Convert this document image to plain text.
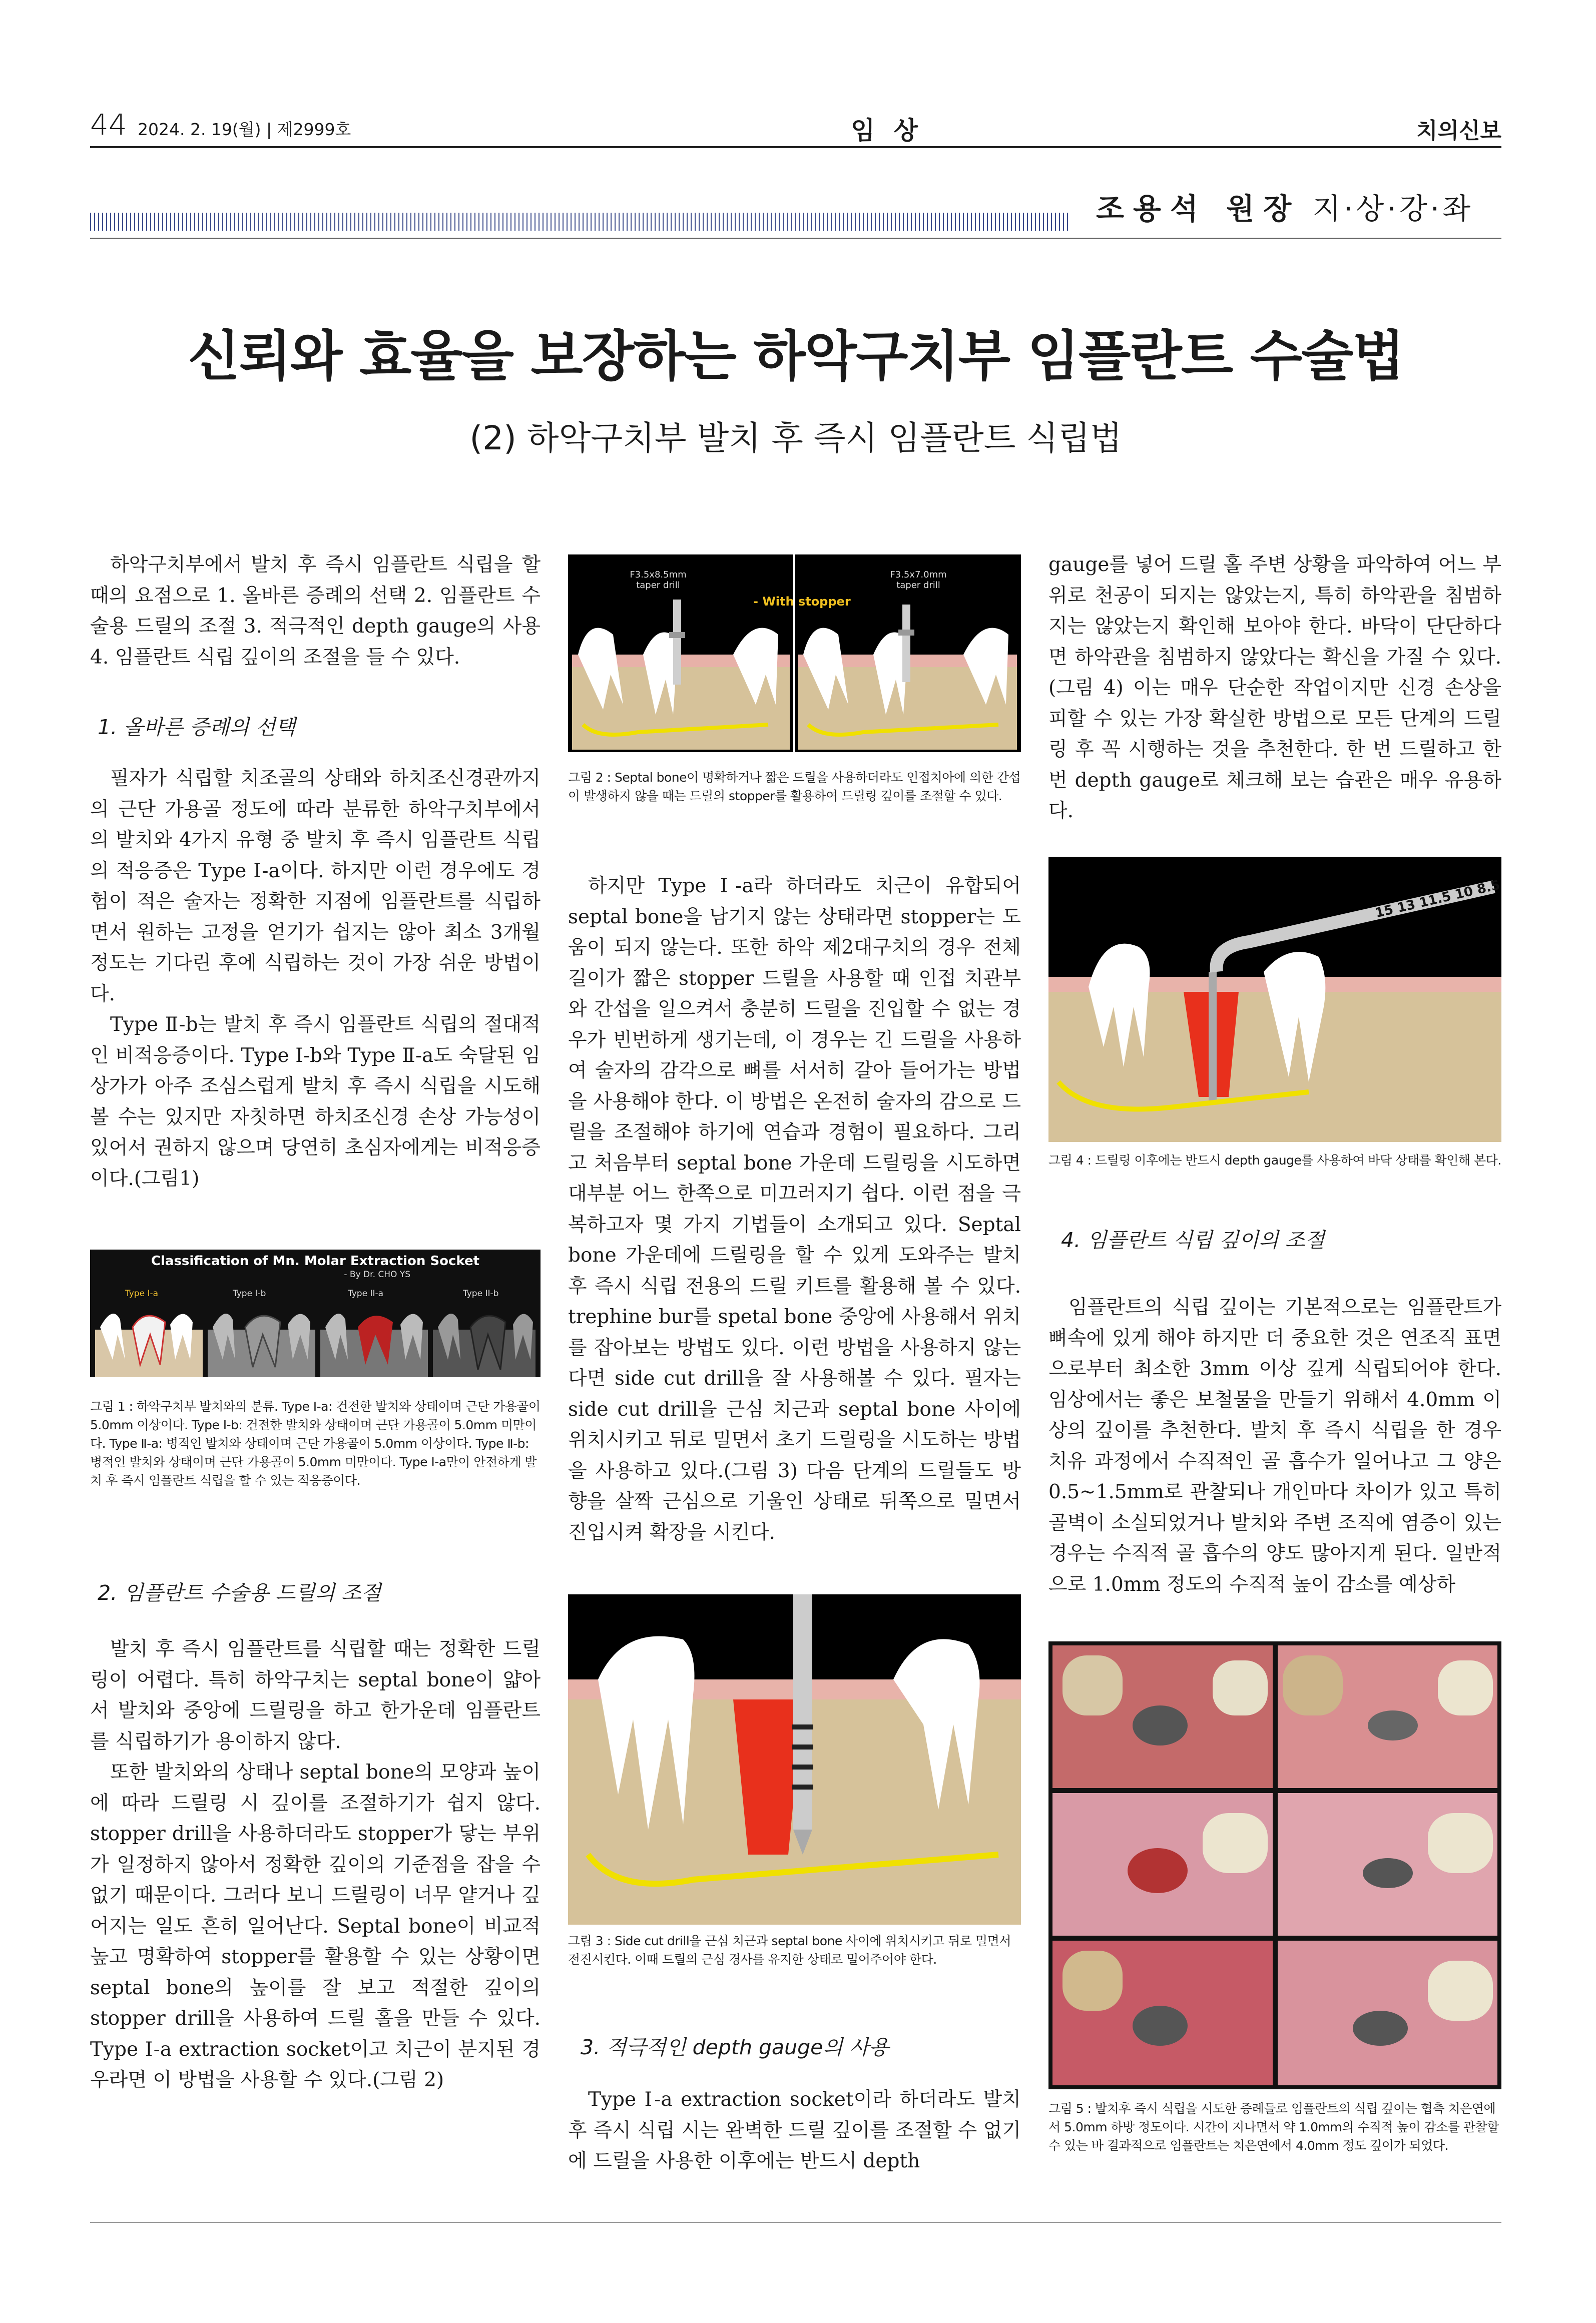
44 2024. 2. 19(월) | 제2999호	임 상	치의신보
조용석 원장 지·상·강·좌
신뢰와 효율을 보장하는 하악구치부 임플란트 수술법
(2) 하악구치부 발치 후 즉시 임플란트 식립법

하악구치부에서 발치 후 즉시 임플란트 식립을 할 때의 요점으로 1. 올바른 증례의 선택 2. 임플란트 수술용 드릴의 조절 3. 적극적인 depth gauge의 사용 4. 임플란트 식립 깊이의 조절을 들 수 있다.

1. 올바른 증례의 선택

필자가 식립할 치조골의 상태와 하치조신경관까지의 근단 가용골 정도에 따라 분류한 하악구치부에서의 발치와 4가지 유형 중 발치 후 즉시 임플란트 식립의 적응증은 Type Ⅰ-a이다. 하지만 이런 경우에도 경험이 적은 술자는 정확한 지점에 임플란트를 식립하면서 원하는 고정을 얻기가 쉽지는 않아 최소 3개월 정도는 기다린 후에 식립하는 것이 가장 쉬운 방법이다.

Type Ⅱ-b는 발치 후 즉시 임플란트 식립의 절대적인 비적응증이다. Type Ⅰ-b와 Type Ⅱ-a도 숙달된 임상가가 아주 조심스럽게 발치 후 즉시 식립을 시도해 볼 수는 있지만 자칫하면 하치조신경 손상 가능성이 있어서 권하지 않으며 당연히 초심자에게는 비적응증이다.(그림1)

Classification of Mn. Molar Extraction Socket
- By Dr. CHO YS
Type I-a	Type I-b	Type II-a	Type II-b
그림 1 : 하악구치부 발치와의 분류. Type Ⅰ-a: 건전한 발치와 상태이며 근단 가용골이 5.0mm 이상이다. Type Ⅰ-b: 건전한 발치와 상태이며 근단 가용골이 5.0mm 미만이다. Type Ⅱ-a: 병적인 발치와 상태이며 근단 가용골이 5.0mm 이상이다. Type Ⅱ-b: 병적인 발치와 상태이며 근단 가용골이 5.0mm 미만이다. Type Ⅰ-a만이 안전하게 발치 후 즉시 임플란트 식립을 할 수 있는 적응증이다.
2. 임플란트 수술용 드릴의 조절

발치 후 즉시 임플란트를 식립할 때는 정확한 드릴링이 어렵다. 특히 하악구치는 septal bone이 얇아서 발치와 중앙에 드릴링을 하고 한가운데 임플란트를 식립하기가 용이하지 않다.

또한 발치와의 상태나 septal bone의 모양과 높이에 따라 드릴링 시 깊이를 조절하기가 쉽지 않다. stopper drill을 사용하더라도 stopper가 닿는 부위가 일정하지 않아서 정확한 깊이의 기준점을 잡을 수 없기 때문이다. 그러다 보니 드릴링이 너무 얕거나 깊어지는 일도 흔히 일어난다. Septal bone이 비교적 높고 명확하여 stopper를 활용할 수 있는 상황이면 septal bone의 높이를 잘 보고 적절한 깊이의 stopper drill을 사용하여 드릴 홀을 만들 수 있다. Type Ⅰ-a extraction socket이고 치근이 분지된 경우라면 이 방법을 사용할 수 있다.(그림 2)

F3.5x8.5mm taper drill
F3.5x7.0mm taper drill
- With stopper
그림 2 : Septal bone이 명확하거나 짧은 드릴을 사용하더라도 인접치아에 의한 간섭이 발생하지 않을 때는 드릴의 stopper를 활용하여 드릴링 깊이를 조절할 수 있다.

하지만 Type Ⅰ-a라 하더라도 치근이 유합되어 septal bone을 남기지 않는 상태라면 stopper는 도움이 되지 않는다. 또한 하악 제2대구치의 경우 전체 길이가 짧은 stopper 드릴을 사용할 때 인접 치관부와 간섭을 일으켜서 충분히 드릴을 진입할 수 없는 경우가 빈번하게 생기는데, 이 경우는 긴 드릴을 사용하여 술자의 감각으로 뼈를 서서히 갈아 들어가는 방법을 사용해야 한다. 이 방법은 온전히 술자의 감으로 드릴을 조절해야 하기에 연습과 경험이 필요하다. 그리고 처음부터 septal bone 가운데 드릴링을 시도하면 대부분 어느 한쪽으로 미끄러지기 쉽다. 이런 점을 극복하고자 몇 가지 기법들이 소개되고 있다. Septal bone 가운데에 드릴링을 할 수 있게 도와주는 발치 후 즉시 식립 전용의 드릴 키트를 활용해 볼 수 있다. trephine bur를 spetal bone 중앙에 사용해서 위치를 잡아보는 방법도 있다. 이런 방법을 사용하지 않는다면 side cut drill을 잘 사용해볼 수 있다. 필자는 side cut drill을 근심 치근과 septal bone 사이에 위치시키고 뒤로 밀면서 초기 드릴링을 시도하는 방법을 사용하고 있다.(그림 3) 다음 단계의 드릴들도 방향을 살짝 근심으로 기울인 상태로 뒤쪽으로 밀면서 진입시켜 확장을 시킨다.

그림 3 : Side cut drill을 근심 치근과 septal bone 사이에 위치시키고 뒤로 밀면서 전진시킨다. 이때 드릴의 근심 경사를 유지한 상태로 밀어주어야 한다.
3. 적극적인 depth gauge의 사용

Type Ⅰ-a extraction socket이라 하더라도 발치 후 즉시 식립 시는 완벽한 드릴 깊이를 조절할 수 없기에 드릴을 사용한 이후에는 반드시 depth

gauge를 넣어 드릴 홀 주변 상황을 파악하여 어느 부위로 천공이 되지는 않았는지, 특히 하악관을 침범하지는 않았는지 확인해 보아야 한다. 바닥이 단단하다면 하악관을 침범하지 않았다는 확신을 가질 수 있다.(그림 4) 이는 매우 단순한 작업이지만 신경 손상을 피할 수 있는 가장 확실한 방법으로 모든 단계의 드릴링 후 꼭 시행하는 것을 추천한다. 한 번 드릴하고 한 번 depth gauge로 체크해 보는 습관은 매우 유용하다.

15 13 11.5 10 8.5
그림 4 : 드릴링 이후에는 반드시 depth gauge를 사용하여 바닥 상태를 확인해 본다.
4. 임플란트 식립 깊이의 조절

임플란트의 식립 깊이는 기본적으로는 임플란트가 뼈속에 있게 해야 하지만 더 중요한 것은 연조직 표면으로부터 최소한 3mm 이상 깊게 식립되어야 한다. 임상에서는 좋은 보철물을 만들기 위해서 4.0mm 이상의 깊이를 추천한다. 발치 후 즉시 식립을 한 경우 치유 과정에서 수직적인 골 흡수가 일어나고 그 양은 0.5~1.5mm로 관찰되나 개인마다 차이가 있고 특히 골벽이 소실되었거나 발치와 주변 조직에 염증이 있는 경우는 수직적 골 흡수의 양도 많아지게 된다. 일반적으로 1.0mm 정도의 수직적 높이 감소를 예상하

그림 5 : 발치후 즉시 식립을 시도한 증례들로 임플란트의 식립 깊이는 협측 치은연에서 5.0mm 하방 정도이다. 시간이 지나면서 약 1.0mm의 수직적 높이 감소를 관찰할 수 있는 바 결과적으로 임플란트는 치은연에서 4.0mm 정도 깊이가 되었다.
